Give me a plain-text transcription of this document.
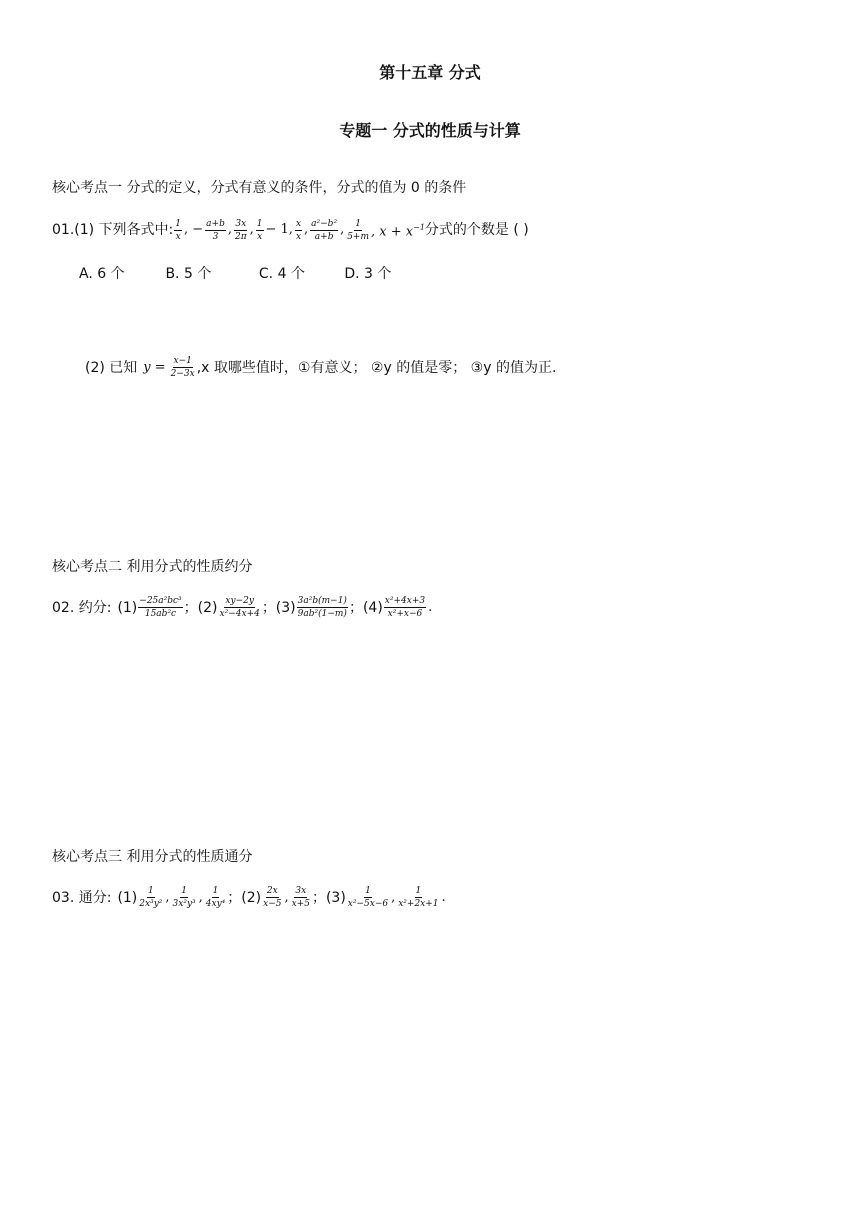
第十五章 分式
专题一 分式的性质与计算
核心考点一 分式的定义，分式有意义的条件，分式的值为 0 的条件
01.(1) 下列各式中: $\frac{1}{x}$ , − $\frac{a+b}{3}$ , $\frac{3x}{2\pi}$ , $\frac{1}{x} - 1$, $\frac{x}{x}$ , $\frac{\text{a²−b²}}{a+b}$ , $\frac{1}{5+m}$ , $x + x^{-1}$ 分式的个数是 ( )
A. 6 个	B. 5 个	C. 4 个	D. 3 个
(2) 已知 $y = \frac{x-1}{2-3x} ,x$ 取哪些值时，①有意义； ②y 的值是零； ③y 的值为正.
核心考点二 利用分式的性质约分
02. 约分: $(1) \frac{\text{−25a²bc³}}{\text{15ab²c}}$ ；$(2) \frac{xy-2y}{\text{x²−4x+4}}$ ；$(3) \frac{\text{3a²b(m−1)}}{\text{9ab²(1−m)}}$ ；$(4) \frac{\text{x²+4x+3}}{\text{x²+x−6}}$ .
核心考点三 利用分式的性质通分
03. 通分: $(1) \frac{1}{\text{2x³y²}}$ , $\frac{1}{\text{3x²y³}}$ , $\frac{1}{\text{4xy⁴}}$ ；$(2) \frac{2x}{x-5}$ , $\frac{3x}{x+5}$ ；$(3) \frac{1}{\text{x²−5x−6}}$ , $\frac{1}{\text{x²+2x+1}}$ .
